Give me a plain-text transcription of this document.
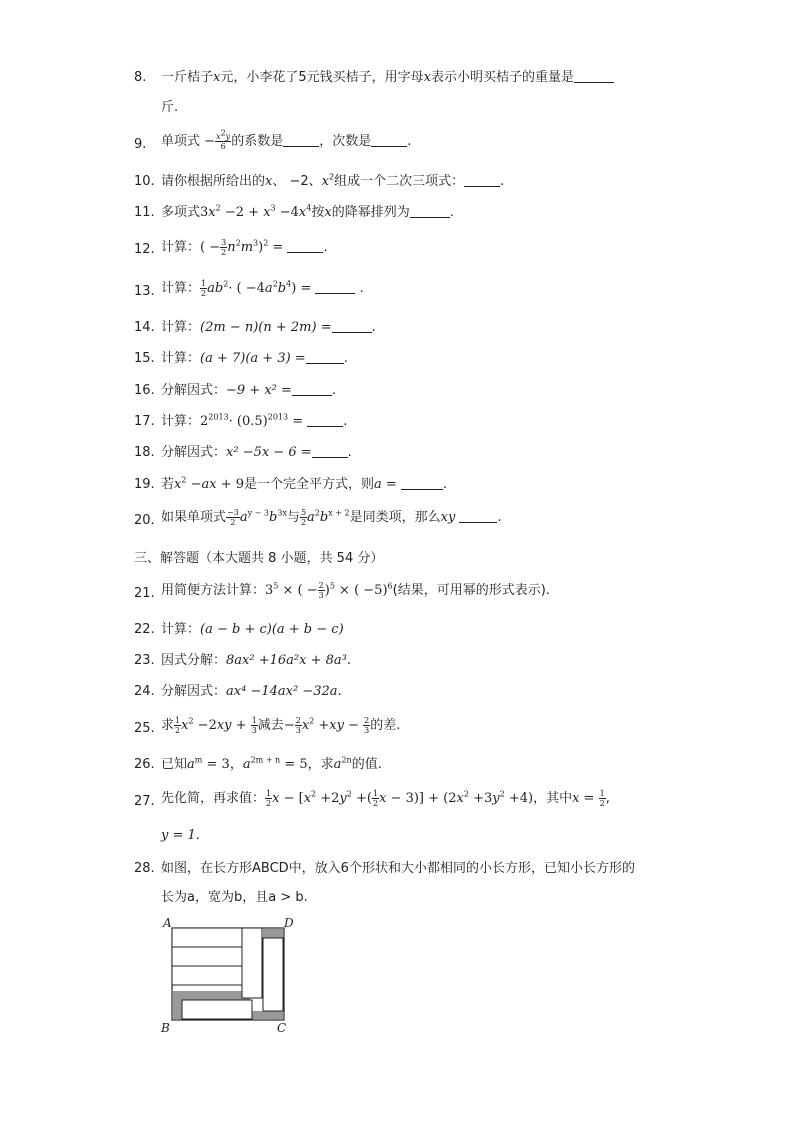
8. 一斤桔子x元，小李花了5元钱买桔子，用字母x表示小明买桔子的重量是
斤.
9. 单项式 − $\frac{x^2y}{6}$ 的系数是	，次数是	.
10. 请你根据所给出的x、 −2、$x^2$组成一个二次三项式：	.
11. 多项式$3x^2 -2 + x^3 -4x^4$按x的降幂排列为	.
12. 计算：( − $\frac{3}{2} n^2m^3)^2$ =	.
13. 计算： $\frac{1}{2} ab^2\cdot$ ( $-4a^2b^4$) =	.
14. 计算：(2m − n)(n + 2m) =	.
15. 计算：(a + 7)(a + 3) =	.
16. 分解因式：−9 + x² =	.
17. 计算：$2^{2013}\cdot (0.5)^{2013}$ =	.
18. 分解因式：x² −5x − 6 =	.
19. 若$x^2 -ax + 9$是一个完全平方式，则a =	.
20. 如果单项式 $\frac{-3}{2} a^{y - 3}b^{3x}$与 $\frac{5}{2} a^2b^{x + 2}$是同类项，那么xy	.
三、解答题（本大题共 8 小题，共 54 分）
21. 用简便方法计算：$3^5$ × ( − $\frac{2}{3} )^5$ × ( −5)$^6$(结果，可用幂的形式表示).
22. 计算：(a − b + c)(a + b − c)
23. 因式分解：8ax² +16a²x + 8a³.
24. 分解因式：ax⁴ −14ax² −32a.
25. 求 $\frac{1}{2} x^2 -2xy + \frac{1}{3}$ 减去− $\frac{2}{3} x^2 +xy - \frac{2}{3}$ 的差.
26. 已知$a^m = 3$，$a^{2m + n} = 5$，求$a^{2n}$的值.
27. 先化简，再求值： $\frac{1}{2}$ $x - [x^2 +2y^2$ +( $\frac{1}{2}$ $x - 3)] + (2x^2 +3y^2 +4)$，其中$x = \frac{1}{2}$ ,
y = 1.
28. 如图，在长方形ABCD中，放入6个形状和大小都相同的小长方形，已知小长方形的
长为a，宽为b，且a > b.
A	D
B	C
